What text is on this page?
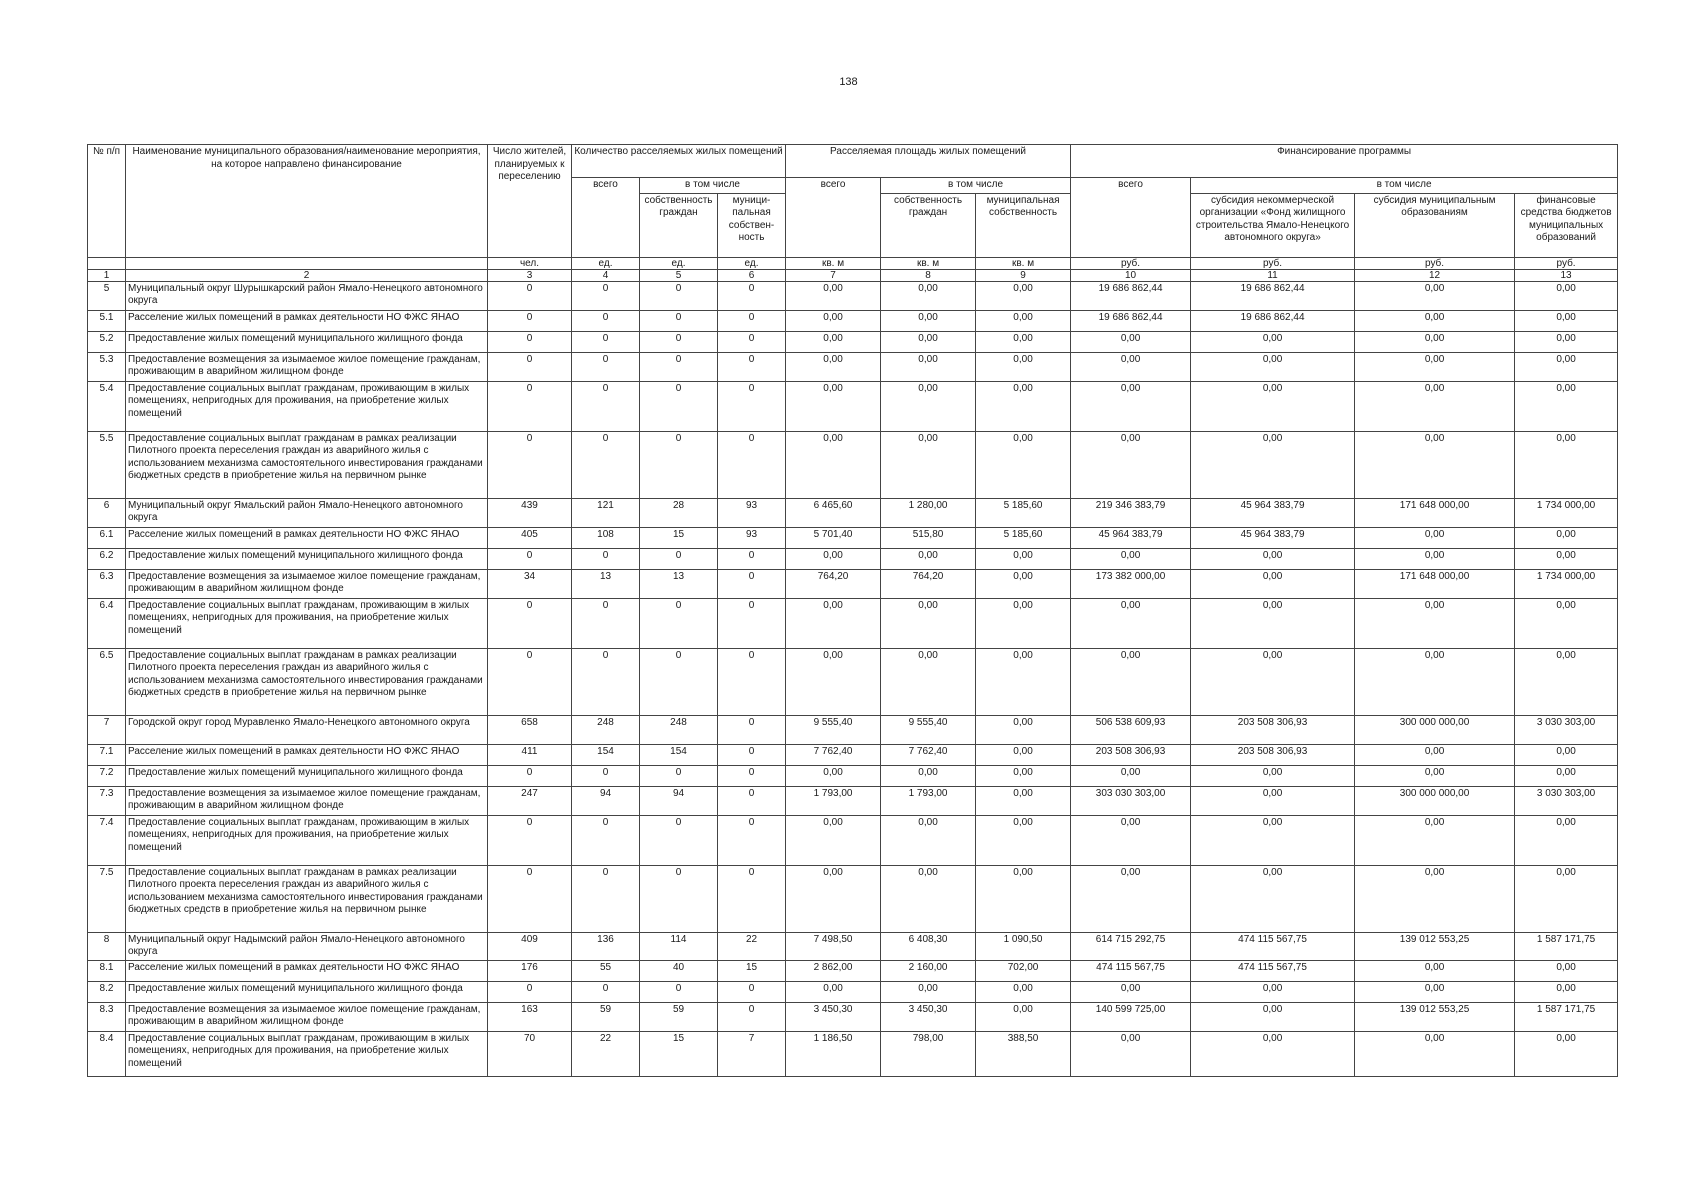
138
№ п/п	Наименование муниципального образования/наименование мероприятия, на которое направлено финансирование	Число жителей, планируемых к переселению	Количество расселяемых жилых помещений			Расселяемая площадь жилых помещений			Финансирование программы			
			всего	в том числе		всего	в том числе		всего	в том числе		
				собственность граждан	муници-пальная собствен-ность		собственность граждан	муниципальная собственность		субсидия некоммерческой организации «Фонд жилищного строительства Ямало-Ненецкого автономного округа»	субсидия муниципальным образованиям	финансовые средства бюджетов муниципальных образований
		чел.	ед.	ед.	ед.	кв. м	кв. м	кв. м	руб.	руб.	руб.	руб.
1	2	3	4	5	6	7	8	9	10	11	12	13
5	Муниципальный округ Шурышкарский район Ямало-Ненецкого автономного округа	0	0	0	0	0,00	0,00	0,00	19 686 862,44	19 686 862,44	0,00	0,00
5.1	Расселение жилых помещений в рамках деятельности НО ФЖС ЯНАО	0	0	0	0	0,00	0,00	0,00	19 686 862,44	19 686 862,44	0,00	0,00
5.2	Предоставление жилых помещений муниципального жилищного фонда	0	0	0	0	0,00	0,00	0,00	0,00	0,00	0,00	0,00
5.3	Предоставление возмещения за изымаемое жилое помещение гражданам, проживающим в аварийном жилищном фонде	0	0	0	0	0,00	0,00	0,00	0,00	0,00	0,00	0,00
5.4	Предоставление социальных выплат гражданам, проживающим в жилых помещениях, непригодных для проживания, на приобретение жилых помещений	0	0	0	0	0,00	0,00	0,00	0,00	0,00	0,00	0,00
5.5	Предоставление социальных выплат гражданам в рамках реализации Пилотного проекта переселения граждан из аварийного жилья с использованием механизма самостоятельного инвестирования гражданами бюджетных средств в приобретение жилья на первичном рынке	0	0	0	0	0,00	0,00	0,00	0,00	0,00	0,00	0,00
6	Муниципальный округ Ямальский район Ямало-Ненецкого автономного округа	439	121	28	93	6 465,60	1 280,00	5 185,60	219 346 383,79	45 964 383,79	171 648 000,00	1 734 000,00
6.1	Расселение жилых помещений в рамках деятельности НО ФЖС ЯНАО	405	108	15	93	5 701,40	515,80	5 185,60	45 964 383,79	45 964 383,79	0,00	0,00
6.2	Предоставление жилых помещений муниципального жилищного фонда	0	0	0	0	0,00	0,00	0,00	0,00	0,00	0,00	0,00
6.3	Предоставление возмещения за изымаемое жилое помещение гражданам, проживающим в аварийном жилищном фонде	34	13	13	0	764,20	764,20	0,00	173 382 000,00	0,00	171 648 000,00	1 734 000,00
6.4	Предоставление социальных выплат гражданам, проживающим в жилых помещениях, непригодных для проживания, на приобретение жилых помещений	0	0	0	0	0,00	0,00	0,00	0,00	0,00	0,00	0,00
6.5	Предоставление социальных выплат гражданам в рамках реализации Пилотного проекта переселения граждан из аварийного жилья с использованием механизма самостоятельного инвестирования гражданами бюджетных средств в приобретение жилья на первичном рынке	0	0	0	0	0,00	0,00	0,00	0,00	0,00	0,00	0,00
7	Городской округ город Муравленко Ямало-Ненецкого автономного округа	658	248	248	0	9 555,40	9 555,40	0,00	506 538 609,93	203 508 306,93	300 000 000,00	3 030 303,00
7.1	Расселение жилых помещений в рамках деятельности НО ФЖС ЯНАО	411	154	154	0	7 762,40	7 762,40	0,00	203 508 306,93	203 508 306,93	0,00	0,00
7.2	Предоставление жилых помещений муниципального жилищного фонда	0	0	0	0	0,00	0,00	0,00	0,00	0,00	0,00	0,00
7.3	Предоставление возмещения за изымаемое жилое помещение гражданам, проживающим в аварийном жилищном фонде	247	94	94	0	1 793,00	1 793,00	0,00	303 030 303,00	0,00	300 000 000,00	3 030 303,00
7.4	Предоставление социальных выплат гражданам, проживающим в жилых помещениях, непригодных для проживания, на приобретение жилых помещений	0	0	0	0	0,00	0,00	0,00	0,00	0,00	0,00	0,00
7.5	Предоставление социальных выплат гражданам в рамках реализации Пилотного проекта переселения граждан из аварийного жилья с использованием механизма самостоятельного инвестирования гражданами бюджетных средств в приобретение жилья на первичном рынке	0	0	0	0	0,00	0,00	0,00	0,00	0,00	0,00	0,00
8	Муниципальный округ Надымский район Ямало-Ненецкого автономного округа	409	136	114	22	7 498,50	6 408,30	1 090,50	614 715 292,75	474 115 567,75	139 012 553,25	1 587 171,75
8.1	Расселение жилых помещений в рамках деятельности НО ФЖС ЯНАО	176	55	40	15	2 862,00	2 160,00	702,00	474 115 567,75	474 115 567,75	0,00	0,00
8.2	Предоставление жилых помещений муниципального жилищного фонда	0	0	0	0	0,00	0,00	0,00	0,00	0,00	0,00	0,00
8.3	Предоставление возмещения за изымаемое жилое помещение гражданам, проживающим в аварийном жилищном фонде	163	59	59	0	3 450,30	3 450,30	0,00	140 599 725,00	0,00	139 012 553,25	1 587 171,75
8.4	Предоставление социальных выплат гражданам, проживающим в жилых помещениях, непригодных для проживания, на приобретение жилых помещений	70	22	15	7	1 186,50	798,00	388,50	0,00	0,00	0,00	0,00
